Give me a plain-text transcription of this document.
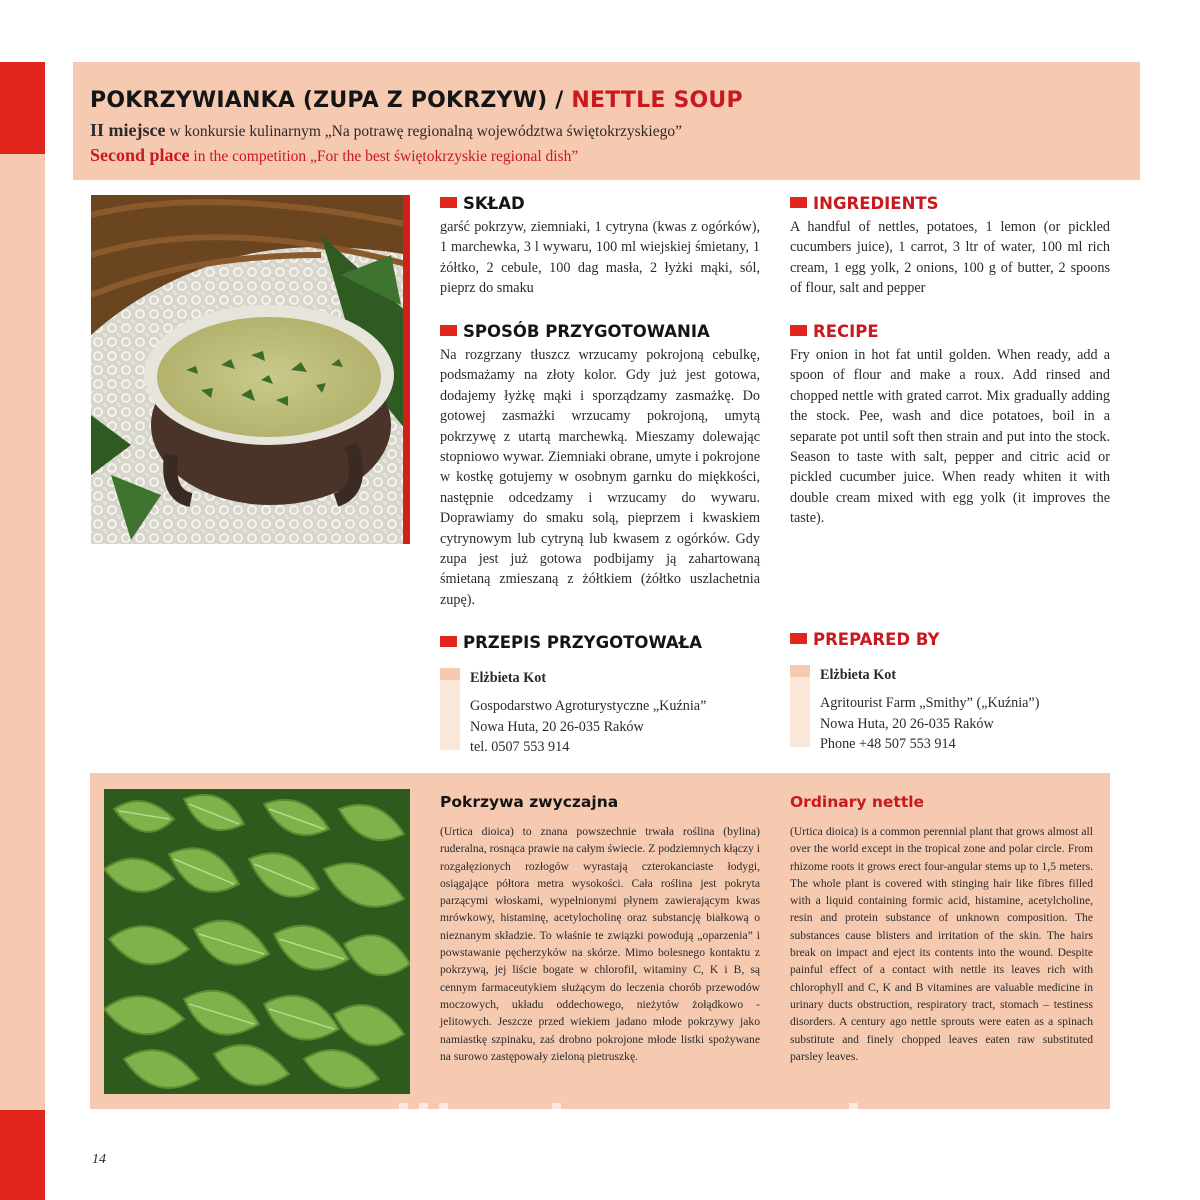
POKRZYWIANKA (ZUPA Z POKRZYW) / NETTLE SOUP

II miejsce w konkursie kulinarnym „Na potrawę regionalną województwa świętokrzyskiego”

Second place in the competition „For the best świętokrzyskie regional dish”

SKŁAD

garść pokrzyw, ziemniaki, 1 cytryna (kwas z ogórków), 1 marchewka, 3 l wywaru, 100 ml wiejskiej śmietany, 1 żółtko, 2 cebule, 100 dag masła, 2 łyżki mąki, sól, pieprz do smaku

INGREDIENTS

A handful of nettles, potatoes, 1 lemon (or pickled cucumbers juice), 1 carrot, 3 ltr of water, 100 ml rich cream, 1 egg yolk, 2 onions, 100 g of butter, 2 spoons of flour, salt and pepper

SPOSÓB PRZYGOTOWANIA

Na rozgrzany tłuszcz wrzucamy pokrojoną cebulkę, podsmażamy na złoty kolor. Gdy już jest gotowa, dodajemy łyżkę mąki i sporządzamy zasmażkę. Do gotowej zasmażki wrzucamy pokrojoną, umytą pokrzywę z utartą marchewką. Mieszamy dolewając stopniowo wywar. Ziemniaki obrane, umyte i pokrojone w kostkę gotujemy w osobnym garnku do miękkości, następnie odcedzamy i wrzucamy do wywaru. Doprawiamy do smaku solą, pieprzem i kwaskiem cytrynowym lub cytryną lub kwasem z ogórków. Gdy zupa jest już gotowa podbijamy ją zahartowaną śmietaną zmieszaną z żółtkiem (żółtko uszlachetnia zupę).

RECIPE

Fry onion in hot fat until golden. When ready, add a spoon of flour and make a roux. Add rinsed and chopped nettle with grated carrot. Mix gradually adding the stock. Pee, wash and dice potatoes, boil in a separate pot until soft then strain and put into the stock. Season to taste with salt, pepper and citric acid or pickled cucumber juice. When ready whiten it with double cream mixed with egg yolk (it improves the taste).

PRZEPIS PRZYGOTOWAŁA
Elżbieta Kot
Gospodarstwo Agroturystyczne „Kuźnia”
Nowa Huta, 20 26-035 Raków
tel. 0507 553 914
PREPARED BY
Elżbieta Kot
Agritourist Farm „Smithy” („Kuźnia”)
Nowa Huta, 20 26-035 Raków
Phone +48 507 553 914
Pokrzywa zwyczajna

(Urtica dioica) to znana powszechnie trwała roślina (bylina) ruderalna, rosnąca prawie na całym świecie. Z podziemnych kłączy i rozgałęzionych rozłogów wyrastają czterokanciaste łodygi, osiągające półtora metra wysokości. Cała roślina jest pokryta parzącymi włoskami, wypełnionymi płynem zawierającym kwas mrówkowy, histaminę, acetylocholinę oraz substancję białkową o nieznanym składzie. To właśnie te związki powodują „oparzenia” i powstawanie pęcherzyków na skórze. Mimo bolesnego kontaktu z pokrzywą, jej liście bogate w chlorofil, witaminy C, K i B, są cennym farmaceutykiem służącym do leczenia chorób przewodów moczowych, układu oddechowego, nieżytów żołądkowo - jelitowych. Jeszcze przed wiekiem jadano młode pokrzywy jako namiastkę szpinaku, zaś drobno pokrojone młode listki spożywane na surowo zastępowały zieloną pietruszkę.

Ordinary nettle

(Urtica dioica) is a common perennial plant that grows almost all over the world except in the tropical zone and polar circle. From rhizome roots it grows erect four-angular stems up to 1,5 meters. The whole plant is covered with stinging hair like fibres filled with a liquid containing formic acid, histamine, acetylcholine, resin and protein substance of unknown composition. The substances cause blisters and irritation of the skin. The hairs break on impact and eject its contents into the wound. Despite painful effect of a contact with nettle its leaves rich with chlorophyll and C, K and B vitamines are valuable medicine in urinary ducts obstruction, respiratory tract, stomach – testiness disorders. A century ago nettle sprouts were eaten as a spinach substitute and finely chopped leaves eaten raw substituted parsley leaves.

wedlinydomowe.pl

14
